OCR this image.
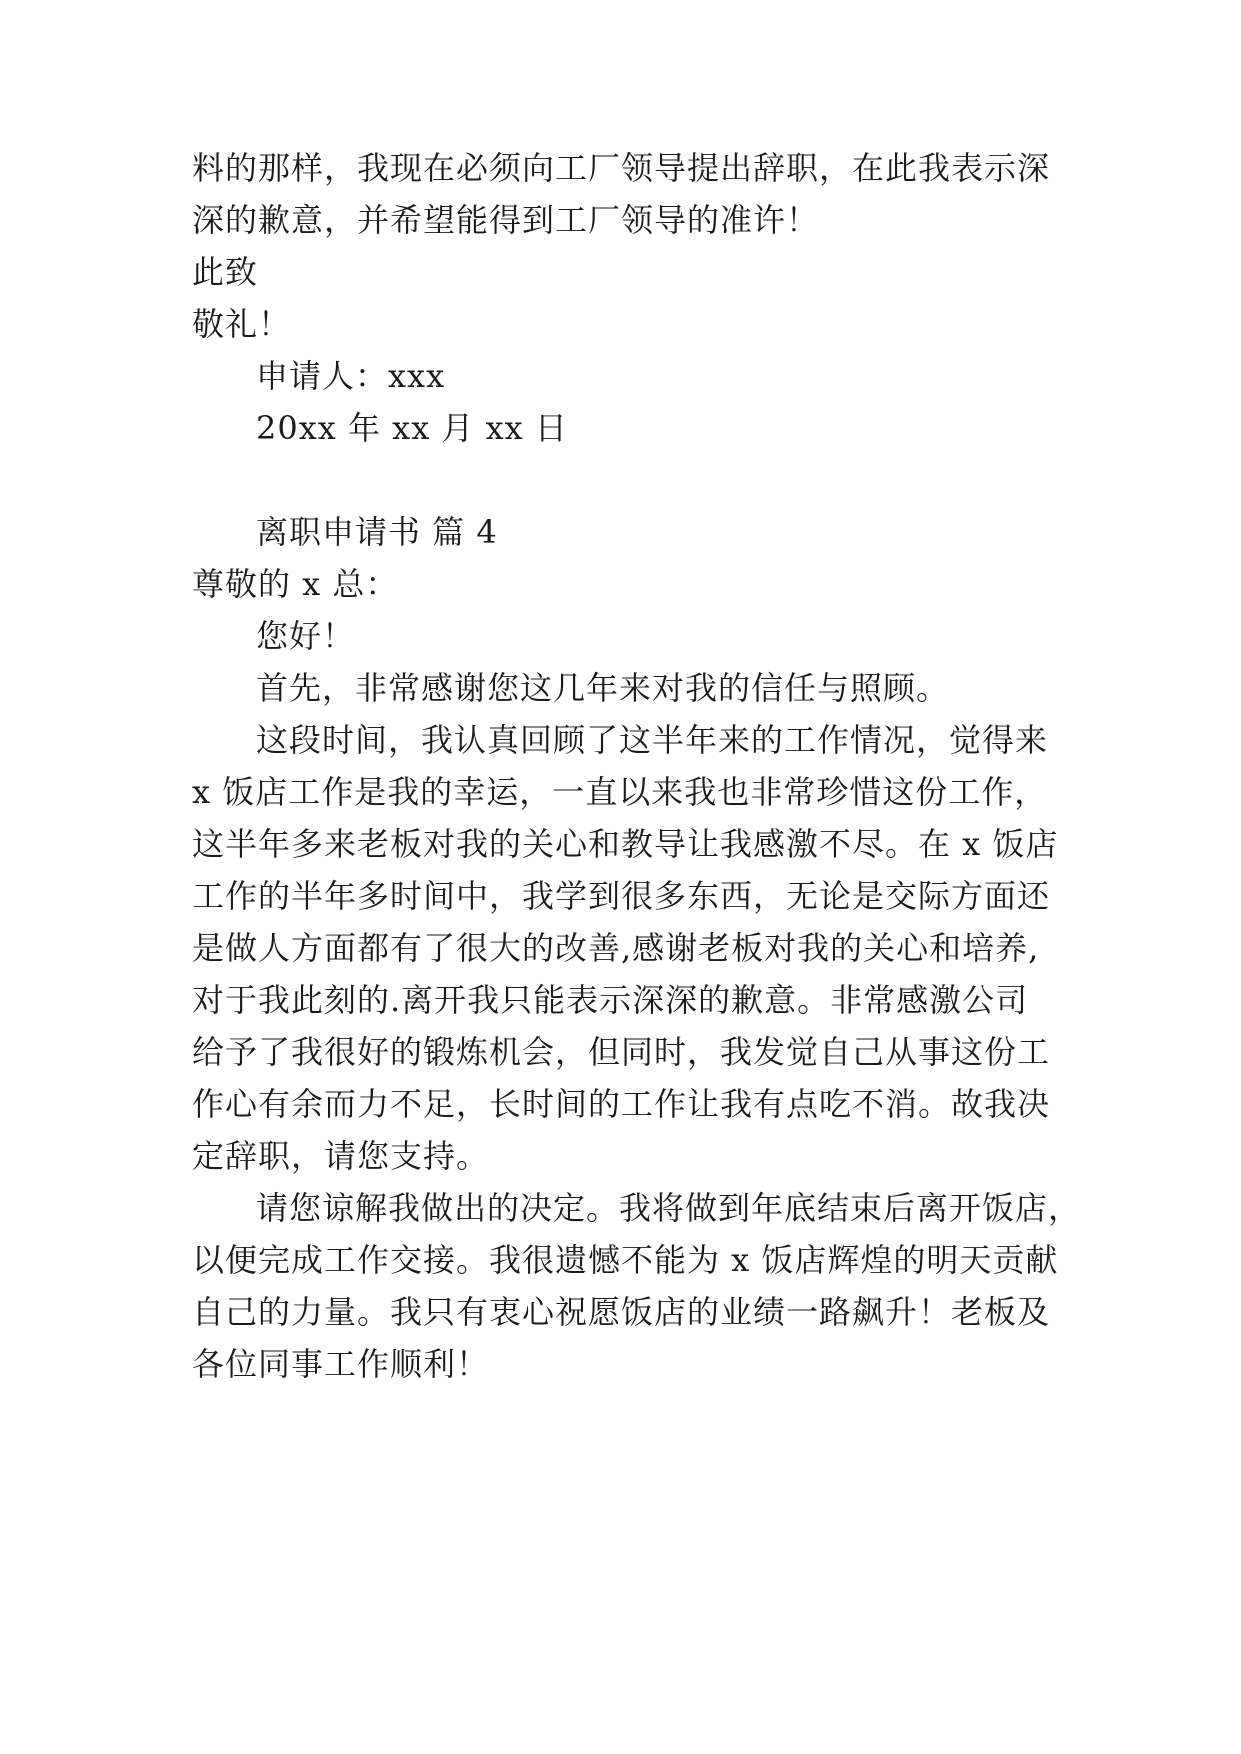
料的那样，我现在必须向工厂领导提出辞职，在此我表示深
深的歉意，并希望能得到工厂领导的准许！
此致
敬礼！
申请人：xxx
20xx 年 xx 月 xx 日
离职申请书 篇 4
尊敬的 x 总：
您好！
首先，非常感谢您这几年来对我的信任与照顾。
这段时间，我认真回顾了这半年来的工作情况，觉得来
x 饭店工作是我的幸运，一直以来我也非常珍惜这份工作，
这半年多来老板对我的关心和教导让我感激不尽。在 x 饭店
工作的半年多时间中，我学到很多东西，无论是交际方面还
是做人方面都有了很大的改善,感谢老板对我的关心和培养,
对于我此刻的.离开我只能表示深深的歉意。非常感激公司
给予了我很好的锻炼机会，但同时，我发觉自己从事这份工
作心有余而力不足，长时间的工作让我有点吃不消。故我决
定辞职，请您支持。
请您谅解我做出的决定。我将做到年底结束后离开饭店，
以便完成工作交接。我很遗憾不能为 x 饭店辉煌的明天贡献
自己的力量。我只有衷心祝愿饭店的业绩一路飙升！老板及
各位同事工作顺利！
